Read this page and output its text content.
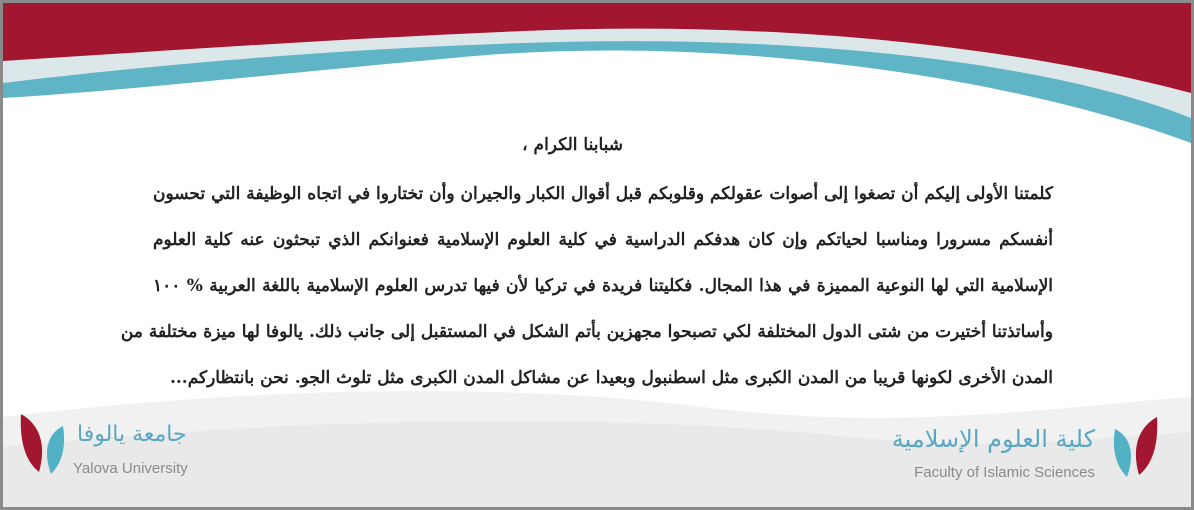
شبابنا الكرام ،
كلمتنا الأولى إليكم أن تصغوا إلى أصوات عقولكم وقلوبكم قبل أقوال الكبار والجيران وأن تختاروا في اتجاه الوظيفة التي تحسون
أنفسكم مسرورا ومناسبا لحياتكم وإن كان هدفكم الدراسية في كلية العلوم الإسلامية فعنوانكم الذي تبحثون عنه كلية العلوم
الإسلامية التي لها النوعية المميزة في هذا المجال. فكليتنا فريدة في تركيا لأن فيها تدرس العلوم الإسلامية باللغة العربية % ١٠٠
وأساتذتنا أختيرت من شتى الدول المختلفة لكي تصبحوا مجهزين بأتم الشكل في المستقبل إلى جانب ذلك. يالوفا لها ميزة مختلفة من
المدن الأخرى لكونها قريبا من المدن الكبرى مثل اسطنبول وبعيدا عن مشاكل المدن الكبرى مثل تلوث الجو. نحن بانتظاركم...
جامعة يالوفا
Yalova University
كلية العلوم الإسلامية
Faculty of Islamic Sciences
